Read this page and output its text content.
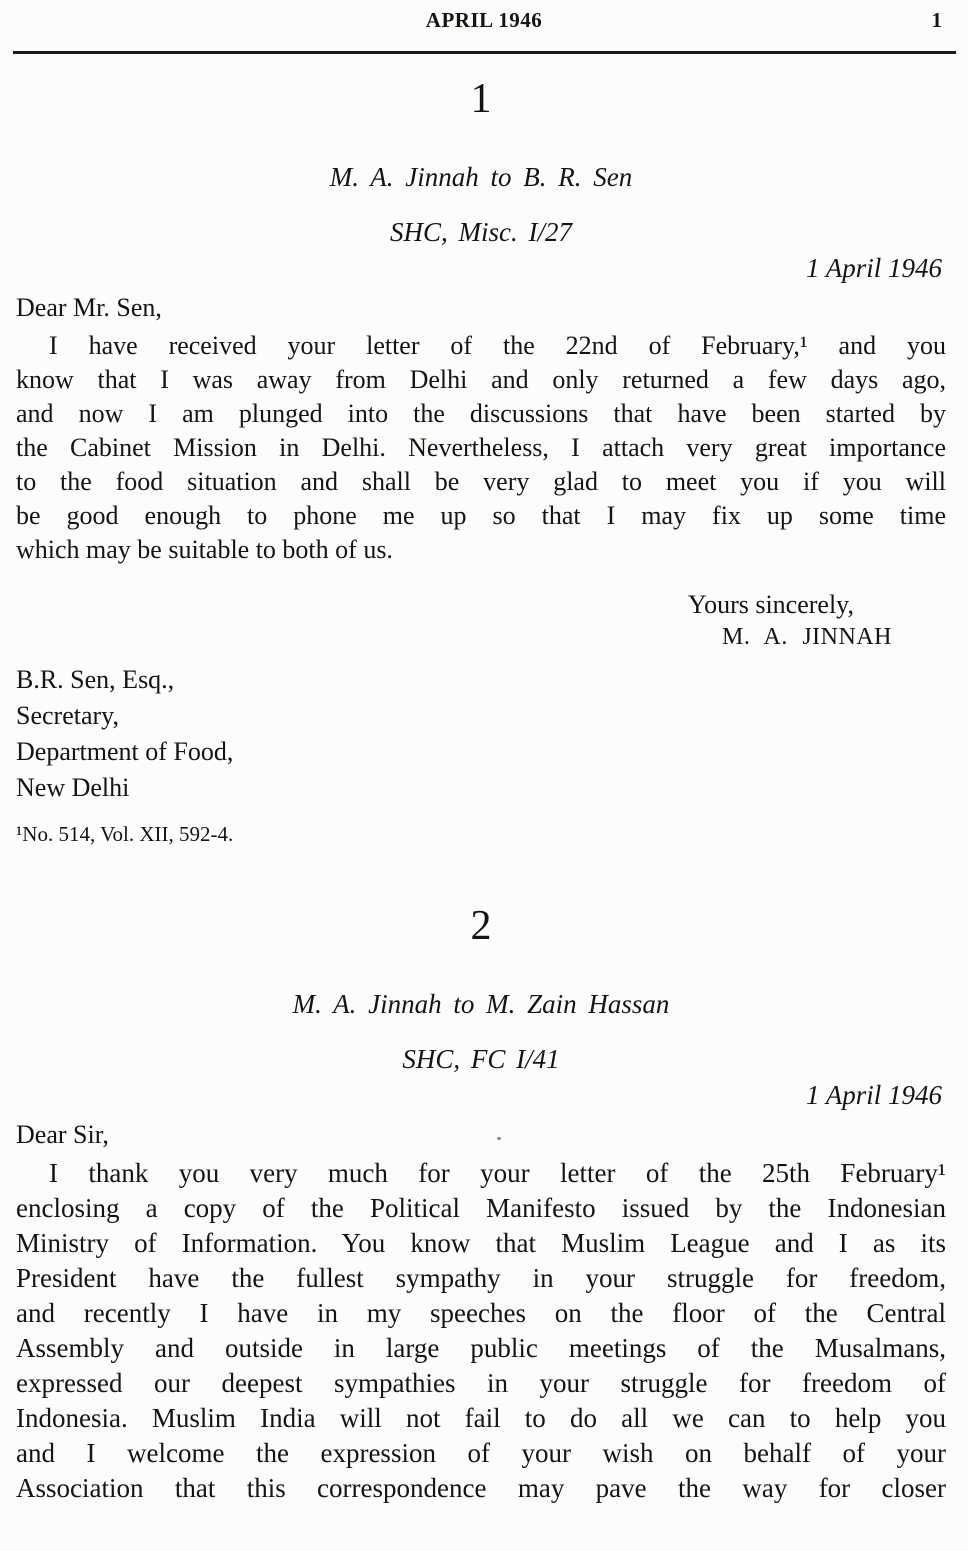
APRIL 1946	1
1
M. A. Jinnah to B. R. Sen
SHC, Misc. I/27
1 April 1946
Dear Mr. Sen,
I have received your letter of the 22nd of February,¹ and you
know that I was away from Delhi and only returned a few days ago,
and now I am plunged into the discussions that have been started by
the Cabinet Mission in Delhi. Nevertheless, I attach very great importance
to the food situation and shall be very glad to meet you if you will
be good enough to phone me up so that I may fix up some time
which may be suitable to both of us.
Yours sincerely,
M. A. JINNAH
B.R. Sen, Esq.,
Secretary,
Department of Food,
New Delhi
¹No. 514, Vol. XII, 592-4.
2
M. A. Jinnah to M. Zain Hassan
SHC, FC I/41
1 April 1946
Dear Sir,
I thank you very much for your letter of the 25th February¹
enclosing a copy of the Political Manifesto issued by the Indonesian
Ministry of Information. You know that Muslim League and I as its
President have the fullest sympathy in your struggle for freedom,
and recently I have in my speeches on the floor of the Central
Assembly and outside in large public meetings of the Musalmans,
expressed our deepest sympathies in your struggle for freedom of
Indonesia. Muslim India will not fail to do all we can to help you
and I welcome the expression of your wish on behalf of your
Association that this correspondence may pave the way for closer
